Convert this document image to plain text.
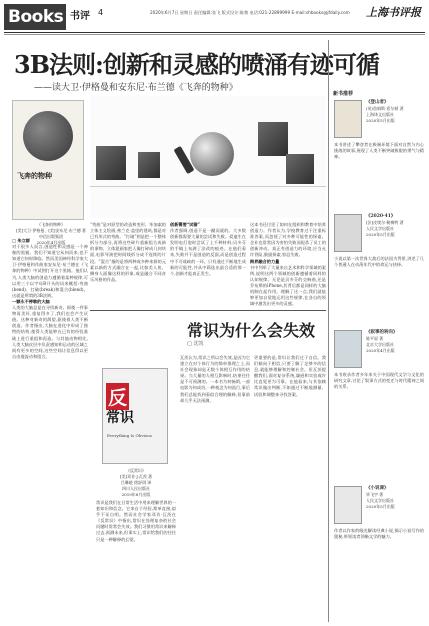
Books 书评 4	2020年6月7日 星期日 责任编辑:张飞 版式设计:陈黎 电话:021-22899999 E-mail:shbooks@jfdaily.com 上海书评报
3B法则:创新和灵感的喷涌有迹可循
——读大卫·伊格曼和安东尼·布兰德《飞奔的物种》
飞奔的物种
《飞奔的物种》
[美]大卫·伊格曼、[美]安东尼·布兰德 著
中信出版集团
2020年4月出版
□ 朱立群
对于很多人而言,创造性和灵感是一个神秘的黑箱。我们不知道它从何而来,也不知道它何时降临。然而美国神经科学家大卫·伊格曼和作曲家安东尼·布兰德在《飞奔的物种》中试图打开这个黑箱。他们认为,人类大脑的创造力遵循着某种规律,可以用三个以字母B开头的词来概括:弯曲(bend)、打破(break)和混合(blend)。这就是所谓的3B法则。

一颗永不停歇的大脑
人类的大脑总是在寻找新奇。即使一件事物再美好,重复得多了,我们也会产生厌倦。这种对新奇的渴望,驱使着人类不断创造。作者指出,大脑在进化中形成了独特的结构,使得人类能够在已有的经验基础上进行重组和再造。与其他动物相比,人类大脑皮层中负责感知和运动的区域之间有更多的空间,这些空间让信息得以更自由地流动和组合。
“弯曲”是对原型的改造和变形。毕加索的立体主义绘画,弗兰克·盖里的建筑,都是对已有形式的弯曲。“打破”则是把一个整体拆分为部分,再将这些碎片重新组合成新的事物。立体派画家把人像打碎成几何块面,电影导演把时间线拆分成不连续的片段。“混合”指的是将两种或多种来源的元素以新的方式融合在一起,比如美人鱼、狮身人面像这样的形象,或是融合不同音乐风格的作品。
创新需要“试错”
作者强调,创造不是一蹴而就的。大多数创新都需要大量的尝试和失败。爱迪生在发明电灯泡时尝试了上千种材料;贝多芬的手稿上布满了涂改的痕迹。在他们看来,失败并不是创造的反面,而是创造过程中不可或缺的一环。只有通过不断地生成新的可能性,并从中筛选出最合适的那一个,创新才能真正发生。
这本书还讨论了如何在组织和教育中培养创造力。作者认为,学校教育过于注重标准答案,而忽视了对多种可能性的探索。企业也常常因为害怕失败而扼杀了员工的创新冲动。真正有创造力的环境,应当允许冒险,鼓励探索,容忍失败。

跨界融合的力量
书中列举了大量来自艺术和科学领域的案例,说明这两个领域的创新遵循着同样的认知规律。无论是贝多芬的交响曲,还是乔布斯的iPhone,其背后都是同样的大脑机制在起作用。理解了这一点,我们就能够更加自觉地运用这些规律,在各自的领域中激发出更多的灵感。
常识为什么会失效
□ 沈凯
反
常识
Everything Is Obvious
《反常识》
[美]邓肯·J.瓦茨 著
吕琳媛 徐舒琪 译
四川人民出版社
2019年8月出版
常识是我们在日常生活中用来理解世界的一套知识和信念。它来自于经验,简单直接,似乎不证自明。然而社会学家邓肯·瓦茨在《反常识》中指出,常识在处理复杂的社会问题时常常会失效。我们习惯用常识来解释过去,预测未来,但事实上,常识给我们的往往只是一种解释的幻觉。
瓦茨认为,常识之所以会失效,是因为它建立在对个体行为的简单推理之上,而社会现象却是无数个体相互作用的结果。当大量的人相互影响时,结果往往是不可预测的。一本书为何畅销,一部电影为何成功,一种观念为何流行,事后我们总能找到看似合理的解释,但事前却几乎无法预测。
更重要的是,常识让我们过于自信。我们倾向于相信,只要了解了足够多的信息,就能够理解和控制社会。但瓦茨提醒我们,面对复杂系统,谦逊和实验或许比直觉更为可靠。在他看来,与其依赖常识做出判断,不如通过不断地测量、试验和调整来寻找答案。
新书推荐
《登山者》
(英)詹姆斯·希尔顿 著
上海译文出版社
2020年5月出版
本书讲述了攀登者在极端环境下面对自然与内心挑战的故事,展现了人类不断突破极限的勇气与精神。
《2020·41》
[法]皮埃尔·勒梅特 著
人民文学出版社
2020年5月出版
小说以第一次世界大战后的法国为背景,讲述了几个普通人在动荡年代中的命运与抉择。
《叙事的转向》
陈平原 著
北京大学出版社
2020年4月出版
本书收录作者多年来关于中国现代文学与文化的研究文章,讨论了叙事方式的变迁与时代精神之间的关系。
《小说课》
毕飞宇 著
人民文学出版社
2020年5月出版
作者以作家的眼光解读经典小说,揭示小说写作的奥秘,带领读者领略文学的魅力。
